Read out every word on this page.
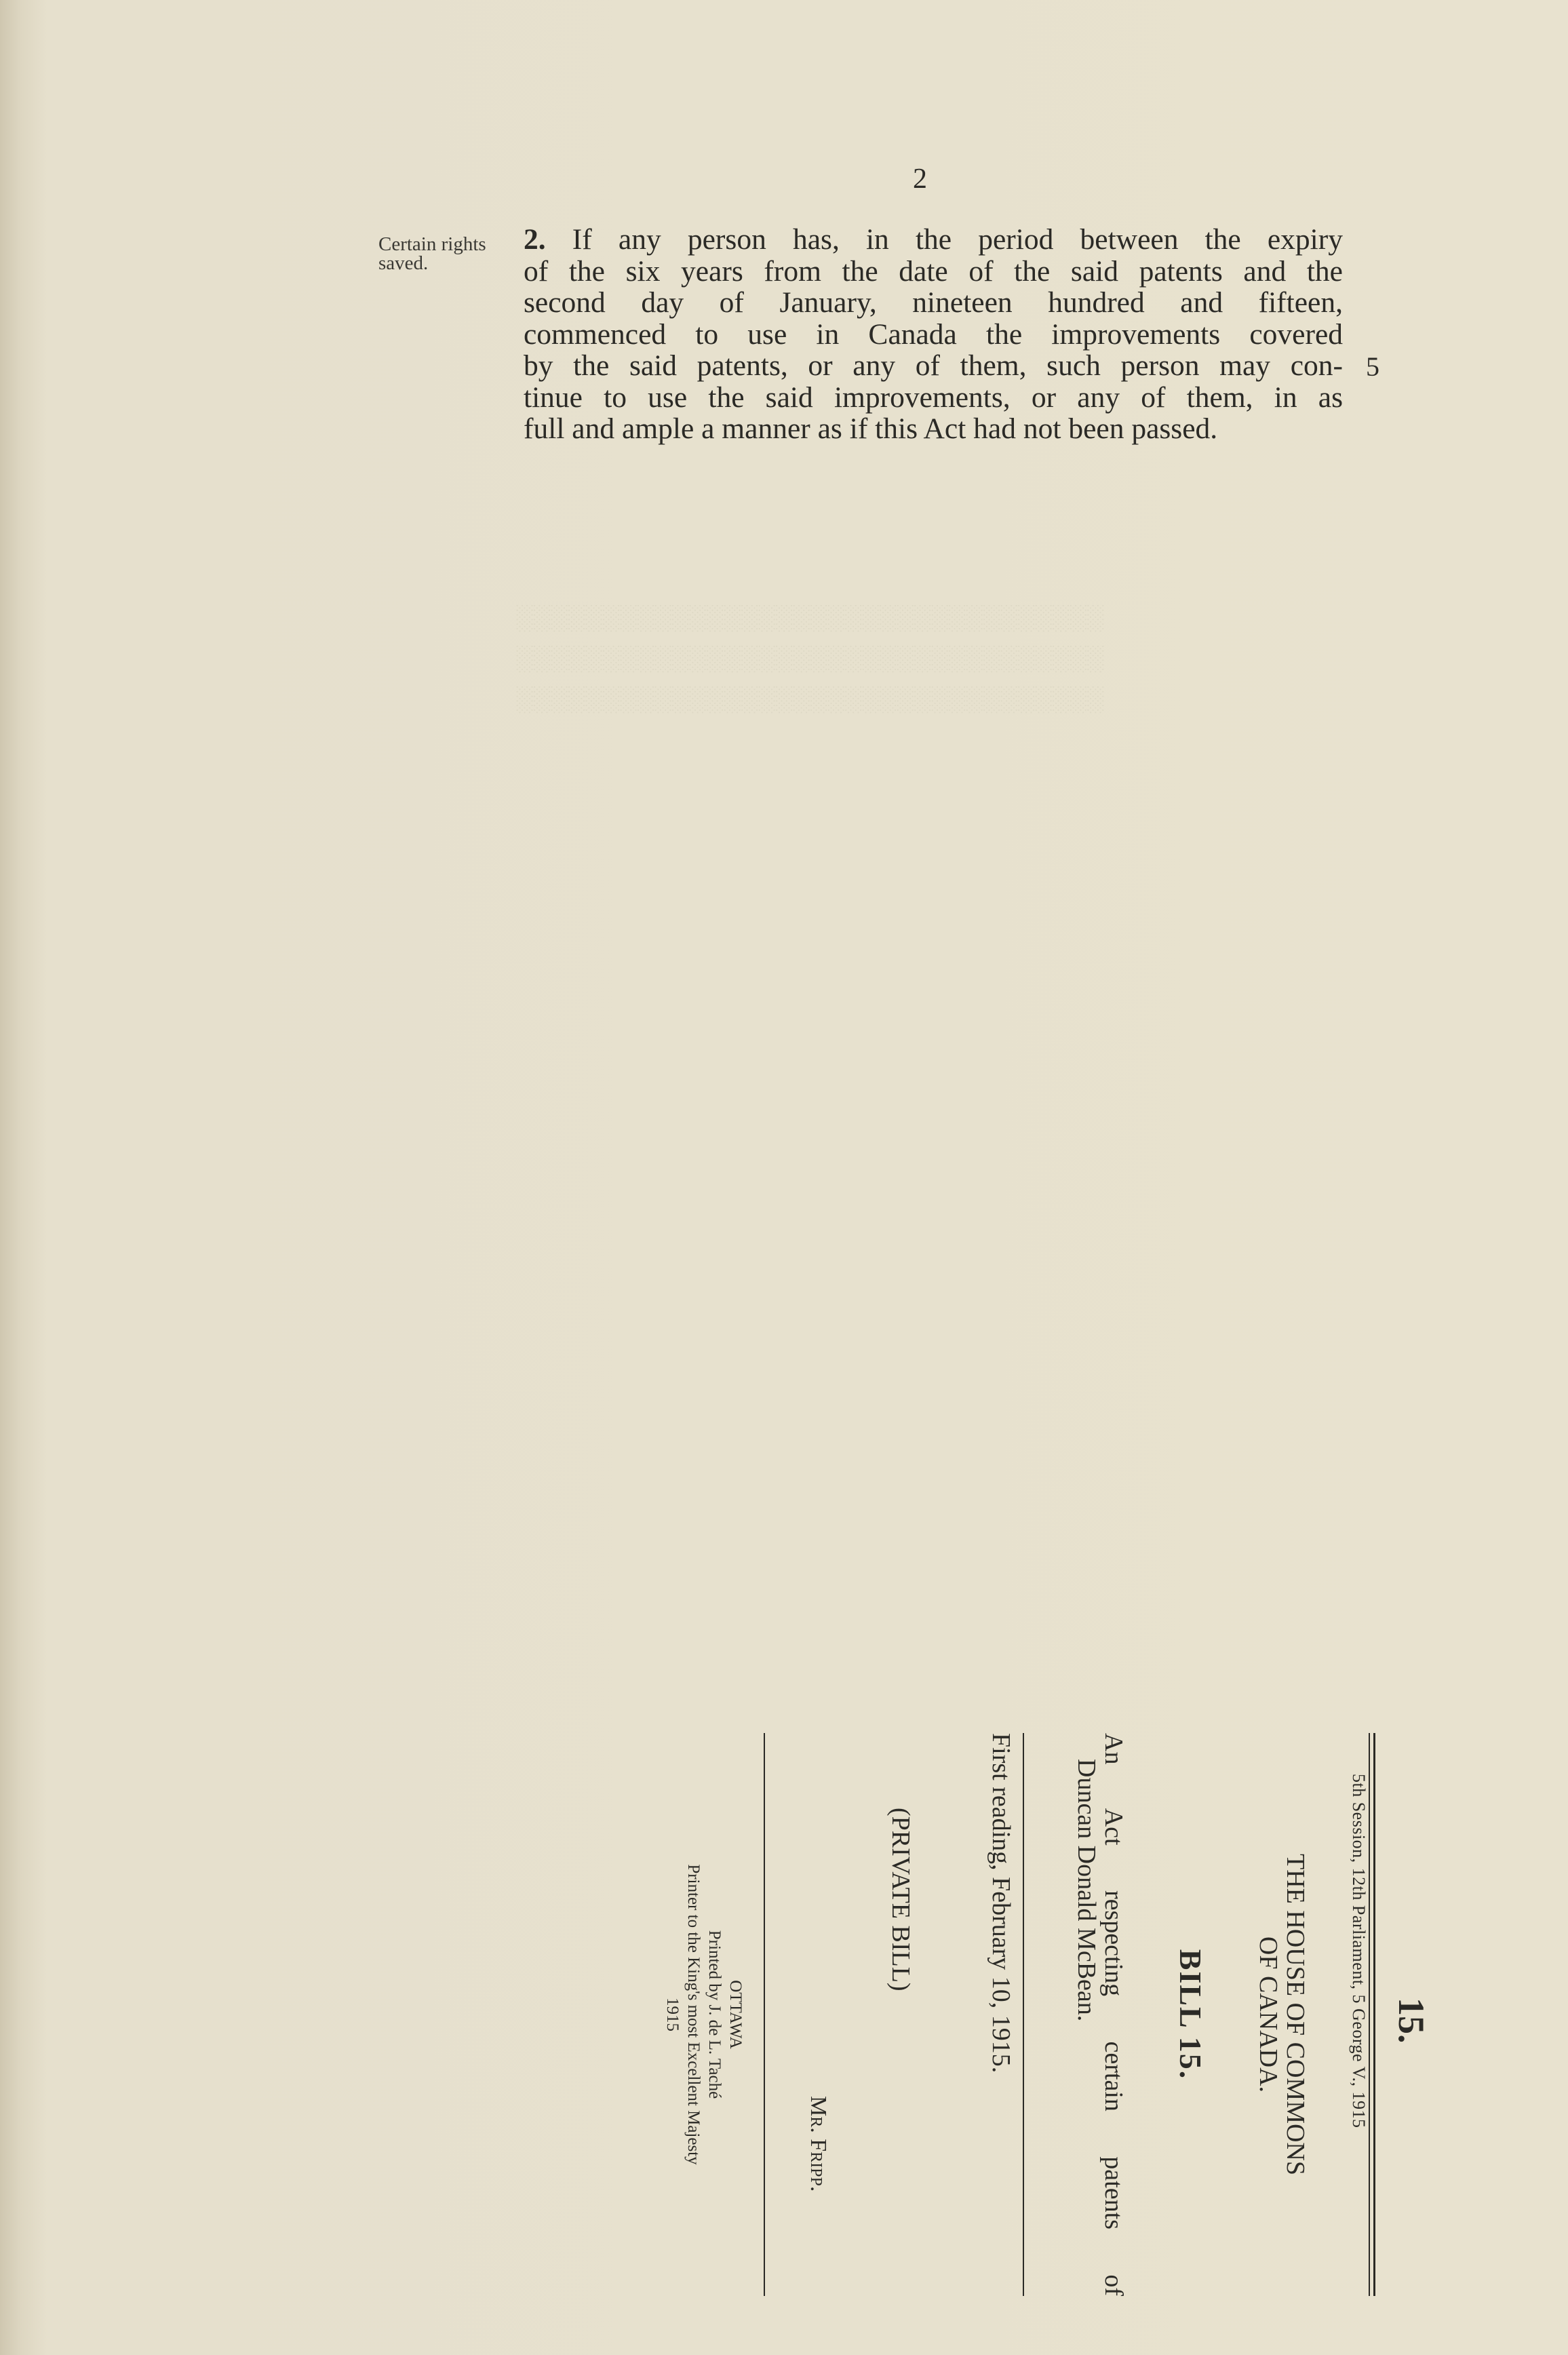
░░░░░░░░░░░░░░░░░░░░░░░░░░░░░░░░░░
░░░░░░░░░░░░░░░░░░░░░░░░░░░░░░░░░░
░░░░░░░░░░░░░░░░░░░░░░░░░░░░░░░░░░
2
Certain rights saved.
2. If any person has, in the period between the expiry
of the six years from the date of the said patents and the
second day of January, nineteen hundred and fifteen,
commenced to use in Canada the improvements covered
by the said patents, or any of them, such person may con-
tinue to use the said improvements, or any of them, in as
full and ample a manner as if this Act had not been passed.
5
15.
5th Session, 12th Parliament, 5 George V., 1915
THE HOUSE OF COMMONS
OF CANADA.
BILL 15.
An Act respecting certain patents of
Duncan Donald McBean.
First reading, February 10, 1915.
(PRIVATE BILL)
Mr. Fripp.
OTTAWA
Printed by J. de L. Taché
Printer to the King's most Excellent Majesty
1915
